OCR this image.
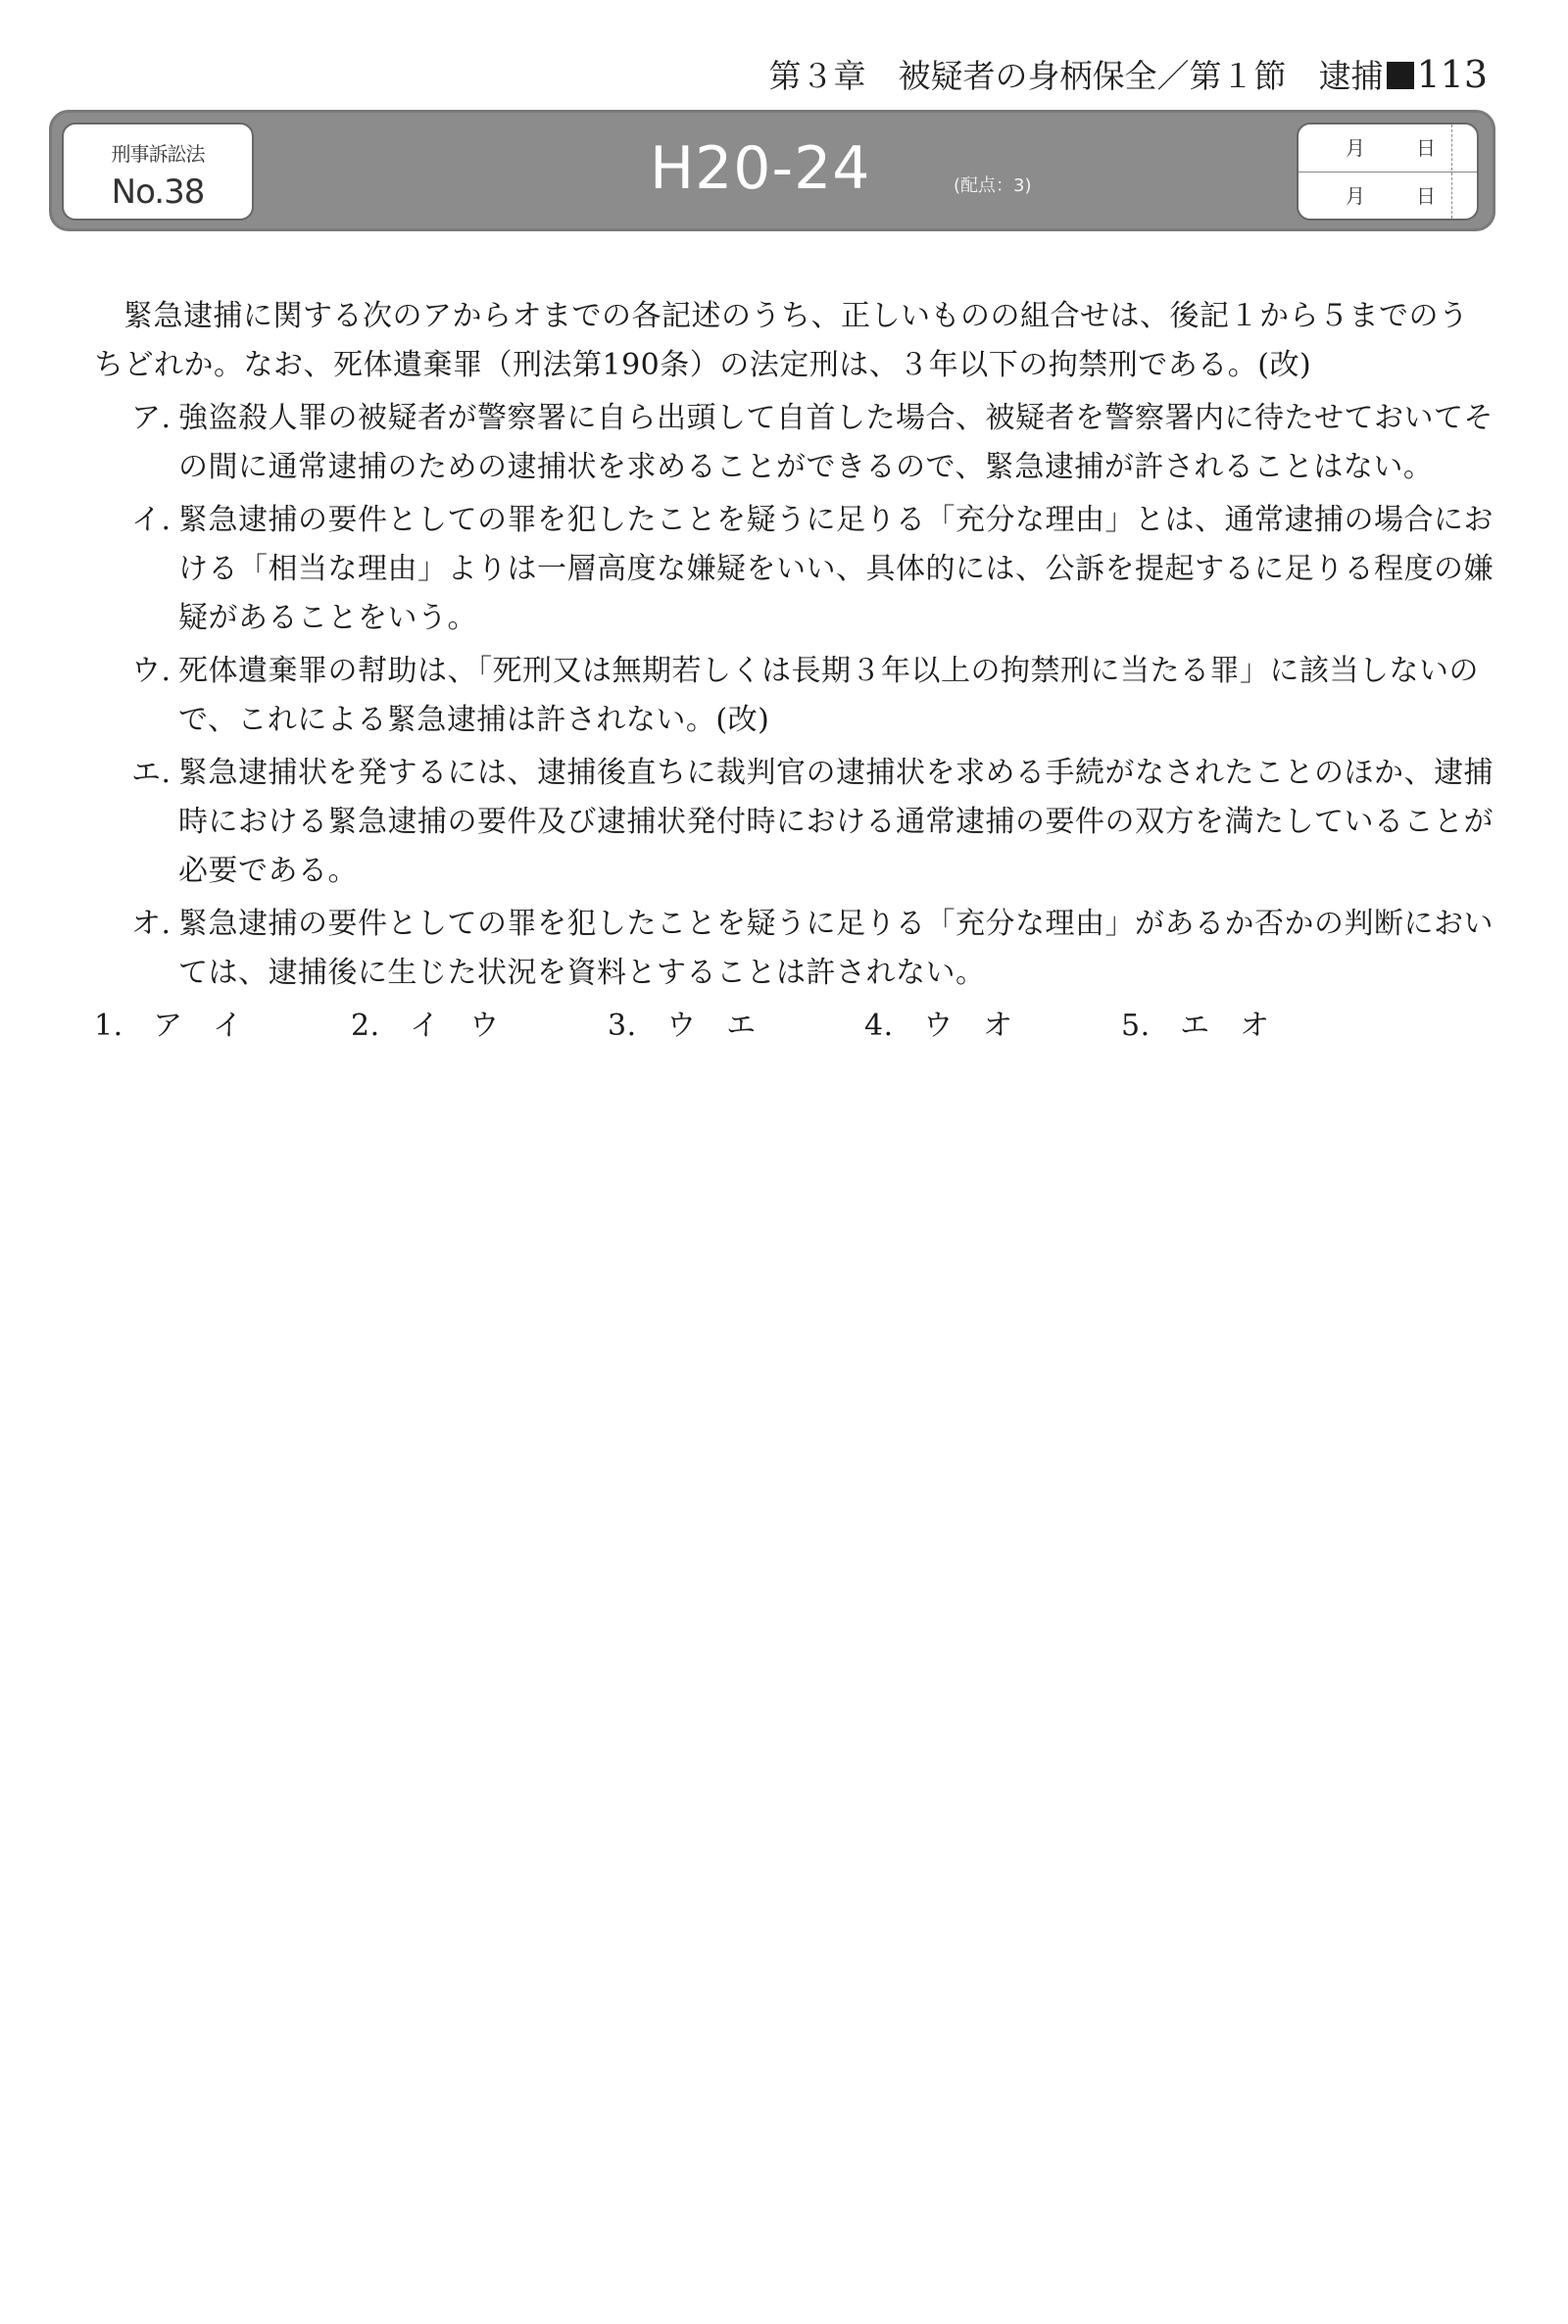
第３章　被疑者の身柄保全／第１節　逮捕 113
刑事訴訟法
No.38	H20-24	(配点：3)
月	日
月	日

緊急逮捕に関する次のアからオまでの各記述のうち、正しいものの組合せは、後記１から５までのうちどれか。なお、死体遺棄罪（刑法第190条）の法定刑は、３年以下の拘禁刑である。(改)

ア. 強盗殺人罪の被疑者が警察署に自ら出頭して自首した場合、被疑者を警察署内に待たせておいてその間に通常逮捕のための逮捕状を求めることができるので、緊急逮捕が許されることはない。
イ. 緊急逮捕の要件としての罪を犯したことを疑うに足りる「充分な理由」とは、通常逮捕の場合における「相当な理由」よりは一層高度な嫌疑をいい、具体的には、公訴を提起するに足りる程度の嫌疑があることをいう。
ウ. 死体遺棄罪の幇助は、「死刑又は無期若しくは長期３年以上の拘禁刑に当たる罪」に該当しないので、これによる緊急逮捕は許されない。(改)
エ. 緊急逮捕状を発するには、逮捕後直ちに裁判官の逮捕状を求める手続がなされたことのほか、逮捕時における緊急逮捕の要件及び逮捕状発付時における通常逮捕の要件の双方を満たしていることが必要である。
オ. 緊急逮捕の要件としての罪を犯したことを疑うに足りる「充分な理由」があるか否かの判断においては、逮捕後に生じた状況を資料とすることは許されない。
1.　ア　イ	2.　イ　ウ	3.　ウ　エ	4.　ウ　オ	5.　エ　オ
